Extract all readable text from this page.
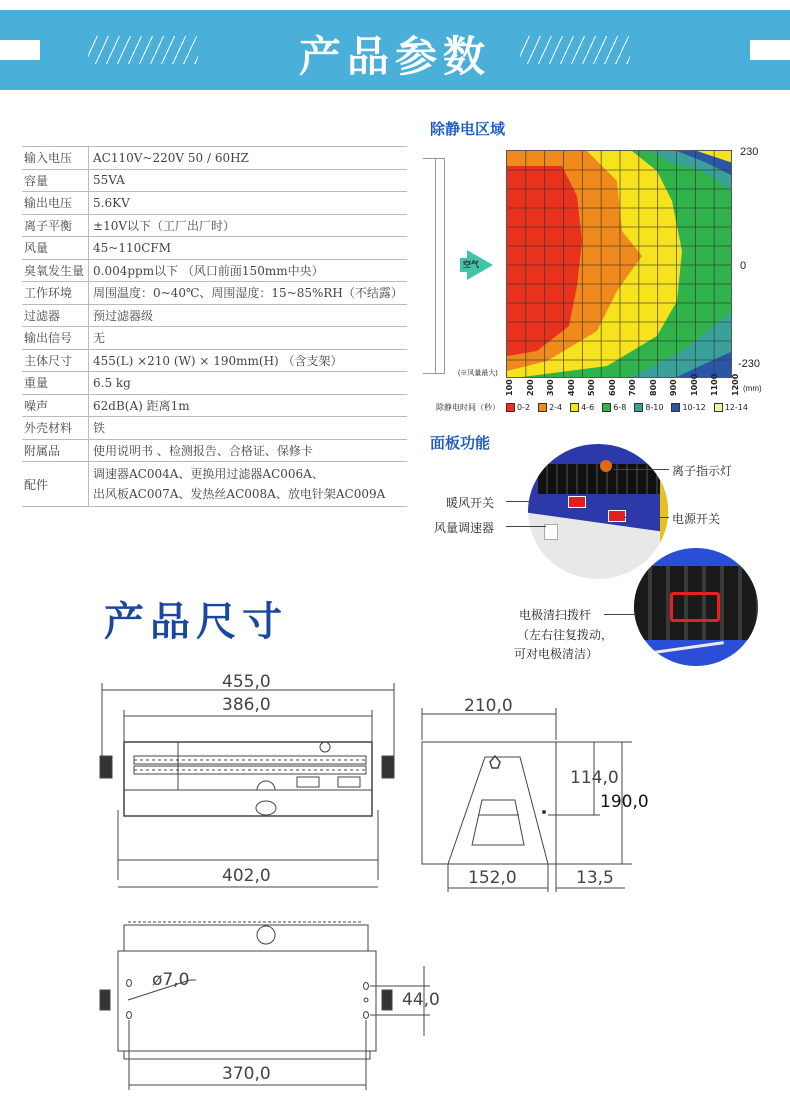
产品参数
输入电压	AC110V~220V 50 / 60HZ
容量	55VA
输出电压	5.6KV
离子平衡	±10V以下（工厂出厂时）
风量	45~110CFM
臭氧发生量	0.004ppm以下 （风口前面150mm中央）
工作环境	周围温度：0~40℃、周围湿度：15~85%RH（不结露）
过滤器	预过滤器级
输出信号	无
主体尺寸	455(L) ×210 (W) × 190mm(H) （含支架）
重量	6.5 kg
噪声	62dB(A) 距离1m
外壳材料	铁
附属品	使用说明书 、检测报告、合格证、保修卡
配件	调速器AC004A、更换用过滤器AC006A、
出风板AC007A、发热丝AC008A、放电针架AC009A
除静电区域
空气
(※风量最大)
230
0
-230
100 200 300 400 500 600 700 800 900 1000 1100 1200 (mm)
除静电时间（秒）	0-2	2-4	4-6	6-8	8-10	10-12	12-14
面板功能
离子指示灯
暖风开关
电源开关
风量调速器
电极清扫拨杆
（左右往复拨动，
可对电极清洁）
产品尺寸
455,0
386,0
402,0
210,0
114,0
190,0
152,0	13,5
ø7,0
44,0
370,0
